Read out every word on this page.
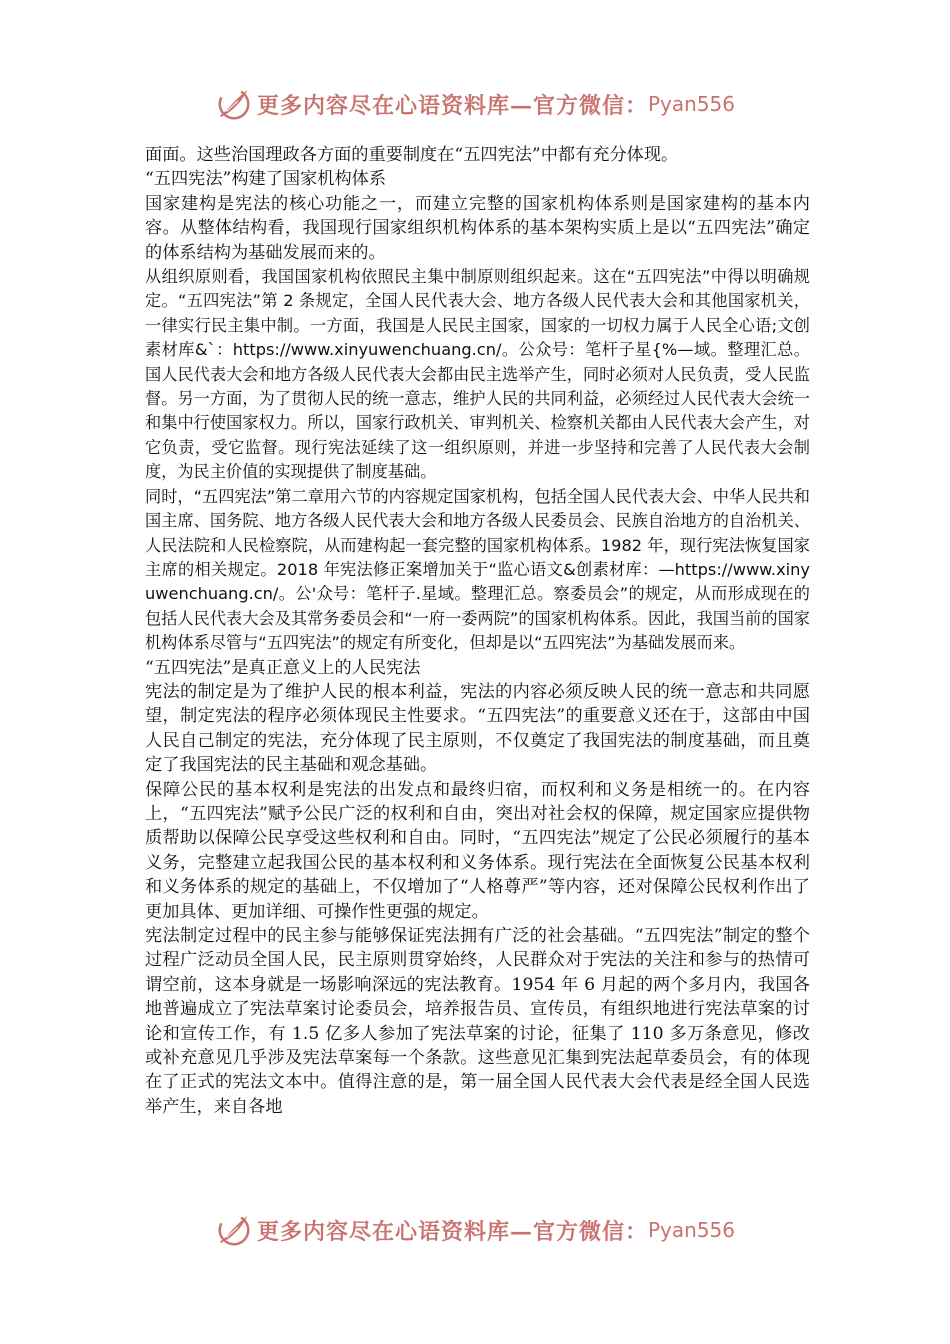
更多内容尽在心语资料库—官方微信： Pyan556

面面。这些治国理政各方面的重要制度在“五四宪法”中都有充分体现。

“五四宪法”构建了国家机构体系

国家建构是宪法的核心功能之一，而建立完整的国家机构体系则是国家建构的基本内容。从整体结构看，我国现行国家组织机构体系的基本架构实质上是以“五四宪法”确定的体系结构为基础发展而来的。

从组织原则看，我国国家机构依照民主集中制原则组织起来。这在“五四宪法”中得以明确规定。“五四宪法”第 2 条规定，全国人民代表大会、地方各级人民代表大会和其他国家机关，一律实行民主集中制。一方面，我国是人民民主国家，国家的一切权力属于人民全心语;文创素材库&`：https://www.xinyuwenchuang.cn/。公众号：笔杆子星{%—域。整理汇总。国人民代表大会和地方各级人民代表大会都由民主选举产生，同时必须对人民负责，受人民监督。另一方面，为了贯彻人民的统一意志，维护人民的共同利益，必须经过人民代表大会统一和集中行使国家权力。所以，国家行政机关、审判机关、检察机关都由人民代表大会产生，对它负责，受它监督。现行宪法延续了这一组织原则，并进一步坚持和完善了人民代表大会制度，为民主价值的实现提供了制度基础。

同时，“五四宪法”第二章用六节的内容规定国家机构，包括全国人民代表大会、中华人民共和国主席、国务院、地方各级人民代表大会和地方各级人民委员会、民族自治地方的自治机关、人民法院和人民检察院，从而建构起一套完整的国家机构体系。1982 年，现行宪法恢复国家主席的相关规定。2018 年宪法修正案增加关于“监心语文&创素材库：—https://www.xinyuwenchuang.cn/。公'众号：笔杆子.星域。整理汇总。察委员会”的规定，从而形成现在的包括人民代表大会及其常务委员会和“一府一委两院”的国家机构体系。因此，我国当前的国家机构体系尽管与“五四宪法”的规定有所变化，但却是以“五四宪法”为基础发展而来。

“五四宪法”是真正意义上的人民宪法

宪法的制定是为了维护人民的根本利益，宪法的内容必须反映人民的统一意志和共同愿望，制定宪法的程序必须体现民主性要求。“五四宪法”的重要意义还在于，这部由中国人民自己制定的宪法，充分体现了民主原则，不仅奠定了我国宪法的制度基础，而且奠定了我国宪法的民主基础和观念基础。

保障公民的基本权利是宪法的出发点和最终归宿，而权利和义务是相统一的。在内容上，“五四宪法”赋予公民广泛的权利和自由，突出对社会权的保障，规定国家应提供物质帮助以保障公民享受这些权利和自由。同时，“五四宪法”规定了公民必须履行的基本义务，完整建立起我国公民的基本权利和义务体系。现行宪法在全面恢复公民基本权利和义务体系的规定的基础上，不仅增加了“人格尊严”等内容，还对保障公民权利作出了更加具体、更加详细、可操作性更强的规定。

宪法制定过程中的民主参与能够保证宪法拥有广泛的社会基础。“五四宪法”制定的整个过程广泛动员全国人民，民主原则贯穿始终，人民群众对于宪法的关注和参与的热情可谓空前，这本身就是一场影响深远的宪法教育。1954 年 6 月起的两个多月内，我国各地普遍成立了宪法草案讨论委员会，培养报告员、宣传员，有组织地进行宪法草案的讨论和宣传工作，有 1.5 亿多人参加了宪法草案的讨论，征集了 110 多万条意见，修改或补充意见几乎涉及宪法草案每一个条款。这些意见汇集到宪法起草委员会，有的体现在了正式的宪法文本中。值得注意的是，第一届全国人民代表大会代表是经全国人民选举产生，来自各地

更多内容尽在心语资料库—官方微信： Pyan556
